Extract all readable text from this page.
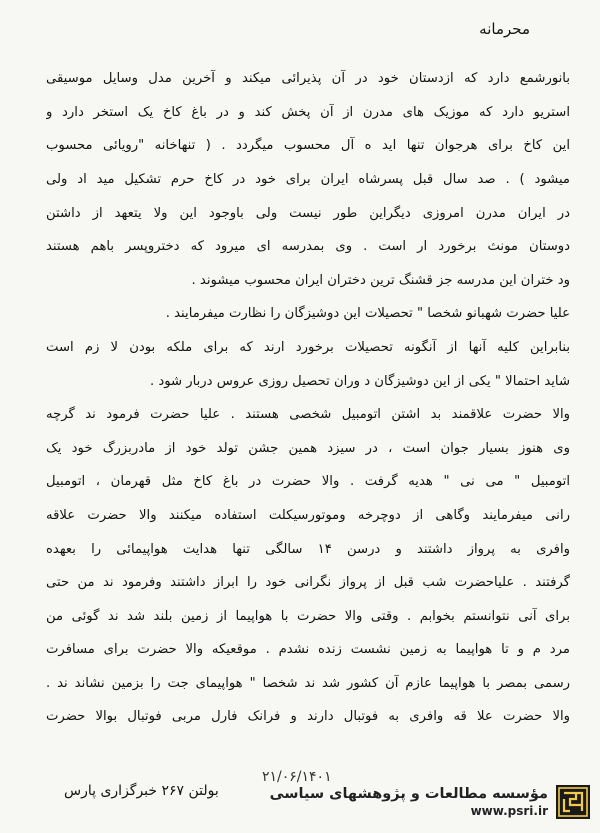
محرمانه
بانورشمع دارد که ازدستان خود در آن پذیرائی میکند و آخرین مدل وسایل موسیقی
استریو دارد که موزیک های مدرن از آن پخش کند و در باغ کاخ یک استخر دارد و
این کاخ برای هرجوان تنها اید ه آل محسوب میگردد . ( تنهاخانه "رویائی محسوب
میشود ) . صد سال قبل پسرشاه ایران برای خود در کاخ حرم تشکیل مید اد ولی
در ایران مدرن امروزی دیگراین طور نیست ولی باوجود این ولا یتعهد از داشتن
دوستان مونث برخورد ار است . وی بمدرسه ای میرود که دختروپسر باهم هستند
ود ختران این مدرسه جز قشنگ ترین دختران ایران محسوب میشوند .
علیا حضرت شهبانو شخصا " تحصیلات این دوشیزگان را نظارت میفرمایند .
بنابراین کلیه آنها از آنگونه تحصیلات برخورد ارند که برای ملکه بودن لا زم است
شاید احتمالا " یکی از این دوشیزگان د وران تحصیل روزی عروس دربار شود .
والا حضرت علاقمند بد اشتن اتومبیل شخصی هستند . علیا حضرت فرمود ند گرچه
وی هنوز بسیار جوان است ، در سیزد همین جشن تولد خود از مادربزرگ خود یک
اتومبیل " می نی " هدیه گرفت . والا حضرت در باغ کاخ مثل قهرمان ، اتومبیل
رانی میفرمایند وگاهی از دوچرخه وموتورسیکلت استفاده میکنند والا حضرت علاقه
وافری به پرواز داشتند و درسن ۱۴ سالگی تنها هدایت هواپیمائی را بعهده
گرفتند . علیاحضرت شب قبل از پرواز نگرانی خود را ابراز داشتند وفرمود ند من حتی
برای آنی نتوانستم بخوابم . وقتی والا حضرت با هواپیما از زمین بلند شد ند گوئی من
مرد م و تا هواپیما به زمین نشست زنده نشدم . موقعیکه والا حضرت برای مسافرت
رسمی بمصر با هواپیما عازم آن کشور شد ند شخصا " هواپیمای جت را بزمین نشاند ند .
والا حضرت علا قه وافری به فوتبال دارند و فرانک فارل مربی فوتبال بوالا حضرت
بولتن ۲۶۷ خبرگزاری پارس
۲۱/۰۶/۱۴۰۱
مؤسسه مطالعات و پژوهشهای سیاسی
www.psri.ir
